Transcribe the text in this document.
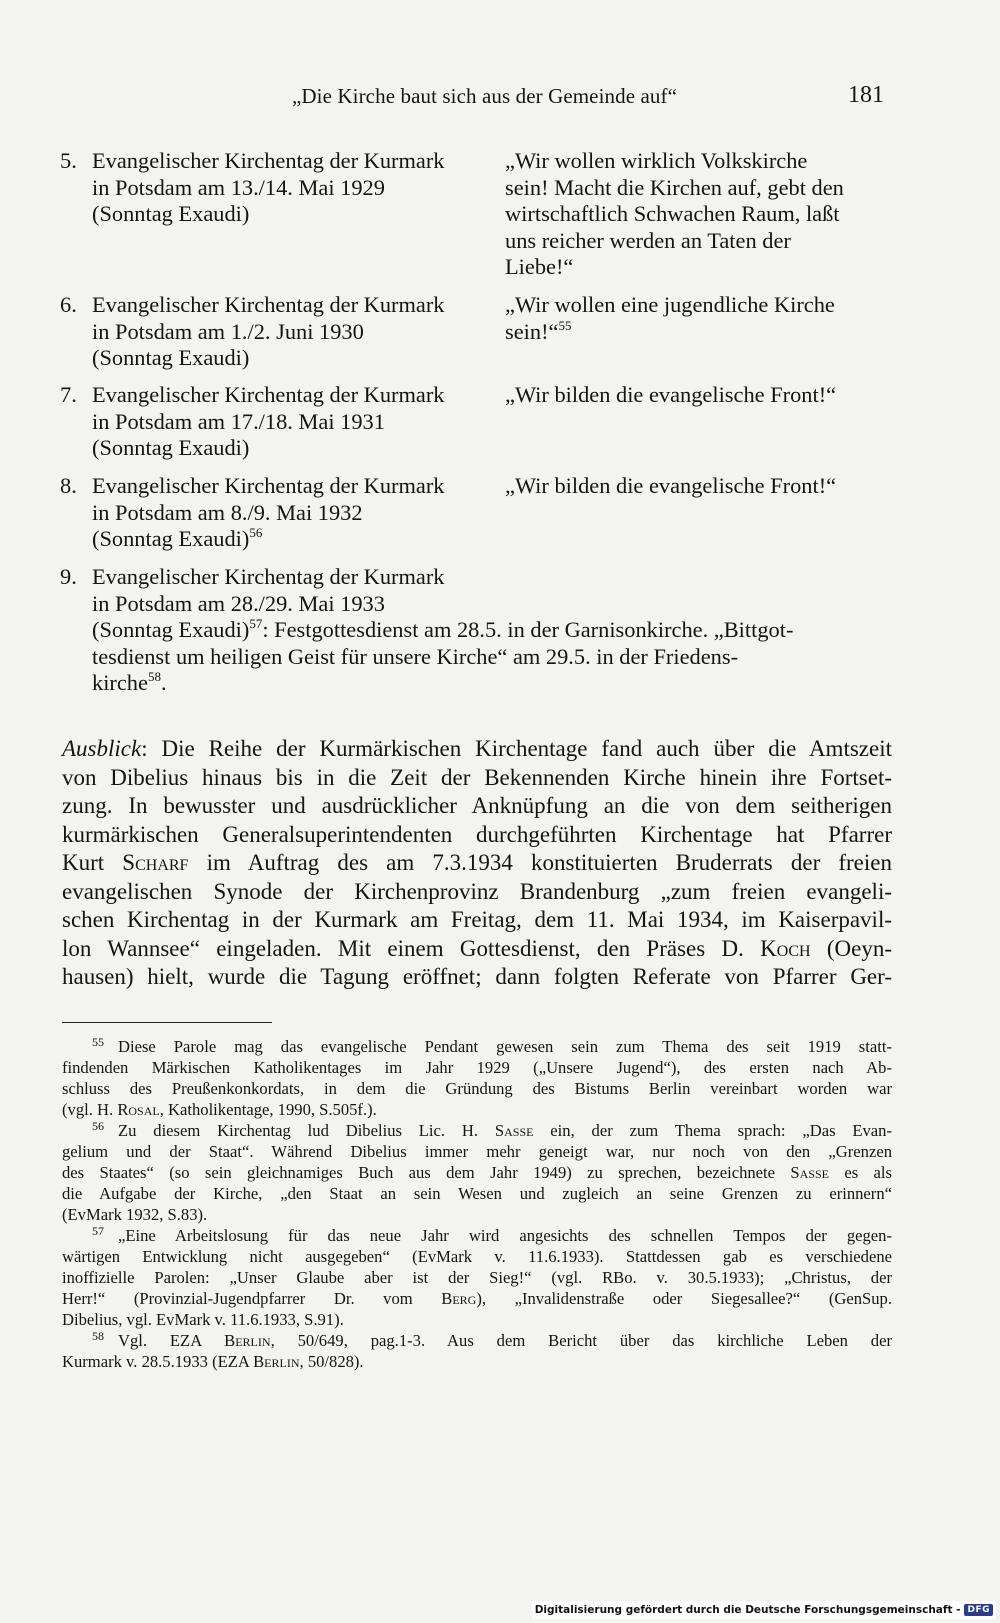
„Die Kirche baut sich aus der Gemeinde auf“	181
5. Evangelischer Kirchentag der Kurmark
in Potsdam am 13./14. Mai 1929
(Sonntag Exaudi)
„Wir wollen wirklich Volkskirche
sein! Macht die Kirchen auf, gebt den
wirtschaftlich Schwachen Raum, laßt
uns reicher werden an Taten der
Liebe!“
6. Evangelischer Kirchentag der Kurmark
in Potsdam am 1./2. Juni 1930
(Sonntag Exaudi)
„Wir wollen eine jugendliche Kirche
sein!“$^{55}$
7. Evangelischer Kirchentag der Kurmark
in Potsdam am 17./18. Mai 1931
(Sonntag Exaudi)
„Wir bilden die evangelische Front!“
8. Evangelischer Kirchentag der Kurmark
in Potsdam am 8./9. Mai 1932
(Sonntag Exaudi)$^{56}$
„Wir bilden die evangelische Front!“
9. Evangelischer Kirchentag der Kurmark
in Potsdam am 28./29. Mai 1933
(Sonntag Exaudi)$^{57}$: Festgottesdienst am 28.5. in der Garnisonkirche. „Bittgot-
tesdienst um heiligen Geist für unsere Kirche“ am 29.5. in der Friedens-
kirche$^{58}$.
Ausblick: Die Reihe der Kurmärkischen Kirchentage fand auch über die Amtszeit
von Dibelius hinaus bis in die Zeit der Bekennenden Kirche hinein ihre Fortset-
zung. In bewusster und ausdrücklicher Anknüpfung an die von dem seitherigen
kurmärkischen Generalsuperintendenten durchgeführten Kirchentage hat Pfarrer
Kurt Scharf im Auftrag des am 7.3.1934 konstituierten Bruderrats der freien
evangelischen Synode der Kirchenprovinz Brandenburg „zum freien evangeli-
schen Kirchentag in der Kurmark am Freitag, dem 11. Mai 1934, im Kaiserpavil-
lon Wannsee“ eingeladen. Mit einem Gottesdienst, den Präses D. Koch (Oeyn-
hausen) hielt, wurde die Tagung eröffnet; dann folgten Referate von Pfarrer Ger-
$^{55}$ Diese Parole mag das evangelische Pendant gewesen sein zum Thema des seit 1919 statt-
findenden Märkischen Katholikentages im Jahr 1929 („Unsere Jugend“), des ersten nach Ab-
schluss des Preußenkonkordats, in dem die Gründung des Bistums Berlin vereinbart worden war
(vgl. H. Rosal, Katholikentage, 1990, S.505f.).
$^{56}$ Zu diesem Kirchentag lud Dibelius Lic. H. Sasse ein, der zum Thema sprach: „Das Evan-
gelium und der Staat“. Während Dibelius immer mehr geneigt war, nur noch von den „Grenzen
des Staates“ (so sein gleichnamiges Buch aus dem Jahr 1949) zu sprechen, bezeichnete Sasse es als
die Aufgabe der Kirche, „den Staat an sein Wesen und zugleich an seine Grenzen zu erinnern“
(EvMark 1932, S.83).
$^{57}$ „Eine Arbeitslosung für das neue Jahr wird angesichts des schnellen Tempos der gegen-
wärtigen Entwicklung nicht ausgegeben“ (EvMark v. 11.6.1933). Stattdessen gab es verschiedene
inoffizielle Parolen: „Unser Glaube aber ist der Sieg!“ (vgl. RBo. v. 30.5.1933); „Christus, der
Herr!“ (Provinzial-Jugendpfarrer Dr. vom Berg), „Invalidenstraße oder Siegesallee?“ (GenSup.
Dibelius, vgl. EvMark v. 11.6.1933, S.91).
$^{58}$ Vgl. EZA Berlin, 50/649, pag.1-3. Aus dem Bericht über das kirchliche Leben der
Kurmark v. 28.5.1933 (EZA Berlin, 50/828).
Digitalisierung gefördert durch die Deutsche Forschungsgemeinschaft - DFG
